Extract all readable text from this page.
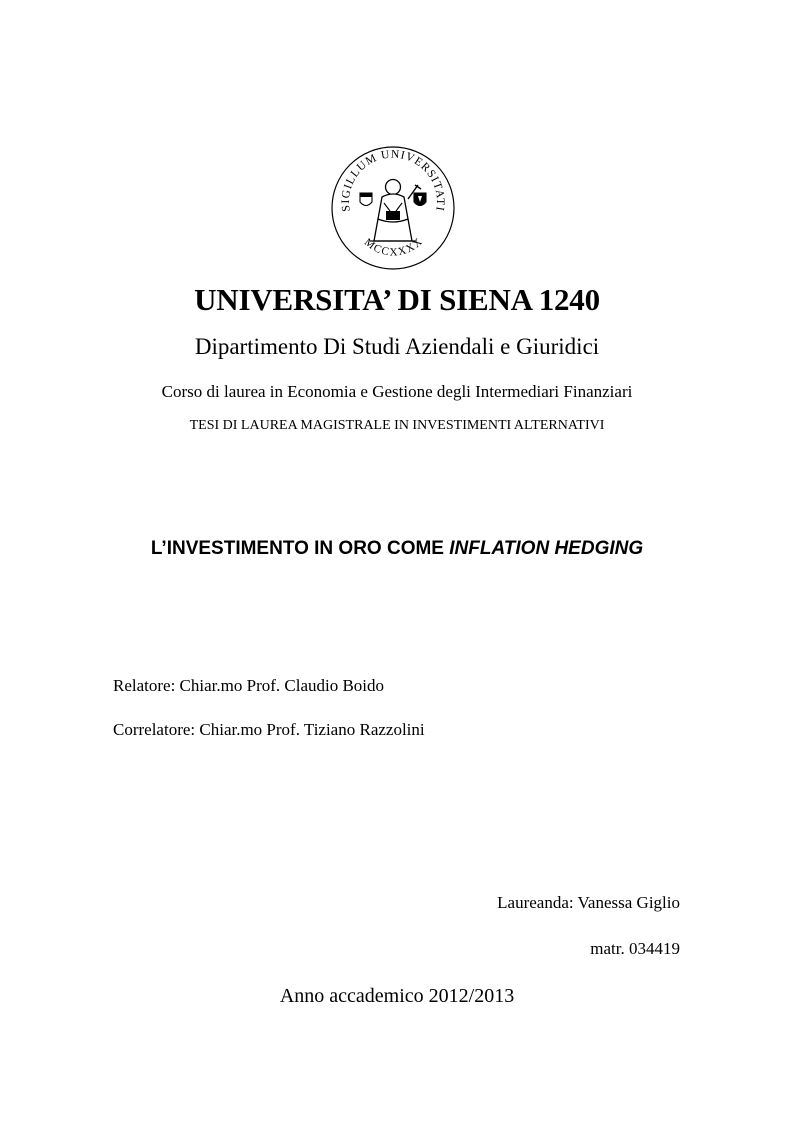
SIGILLUM UNIVERSITATI
MCCXXXX
UNIVERSITA’ DI SIENA 1240
Dipartimento Di Studi Aziendali e Giuridici
Corso di laurea in Economia e Gestione degli Intermediari Finanziari
TESI DI LAUREA MAGISTRALE IN INVESTIMENTI ALTERNATIVI
L’INVESTIMENTO IN ORO COME INFLATION HEDGING
Relatore: Chiar.mo Prof. Claudio Boido
Correlatore: Chiar.mo Prof. Tiziano Razzolini
Laureanda: Vanessa Giglio
matr. 034419
Anno accademico 2012/2013
